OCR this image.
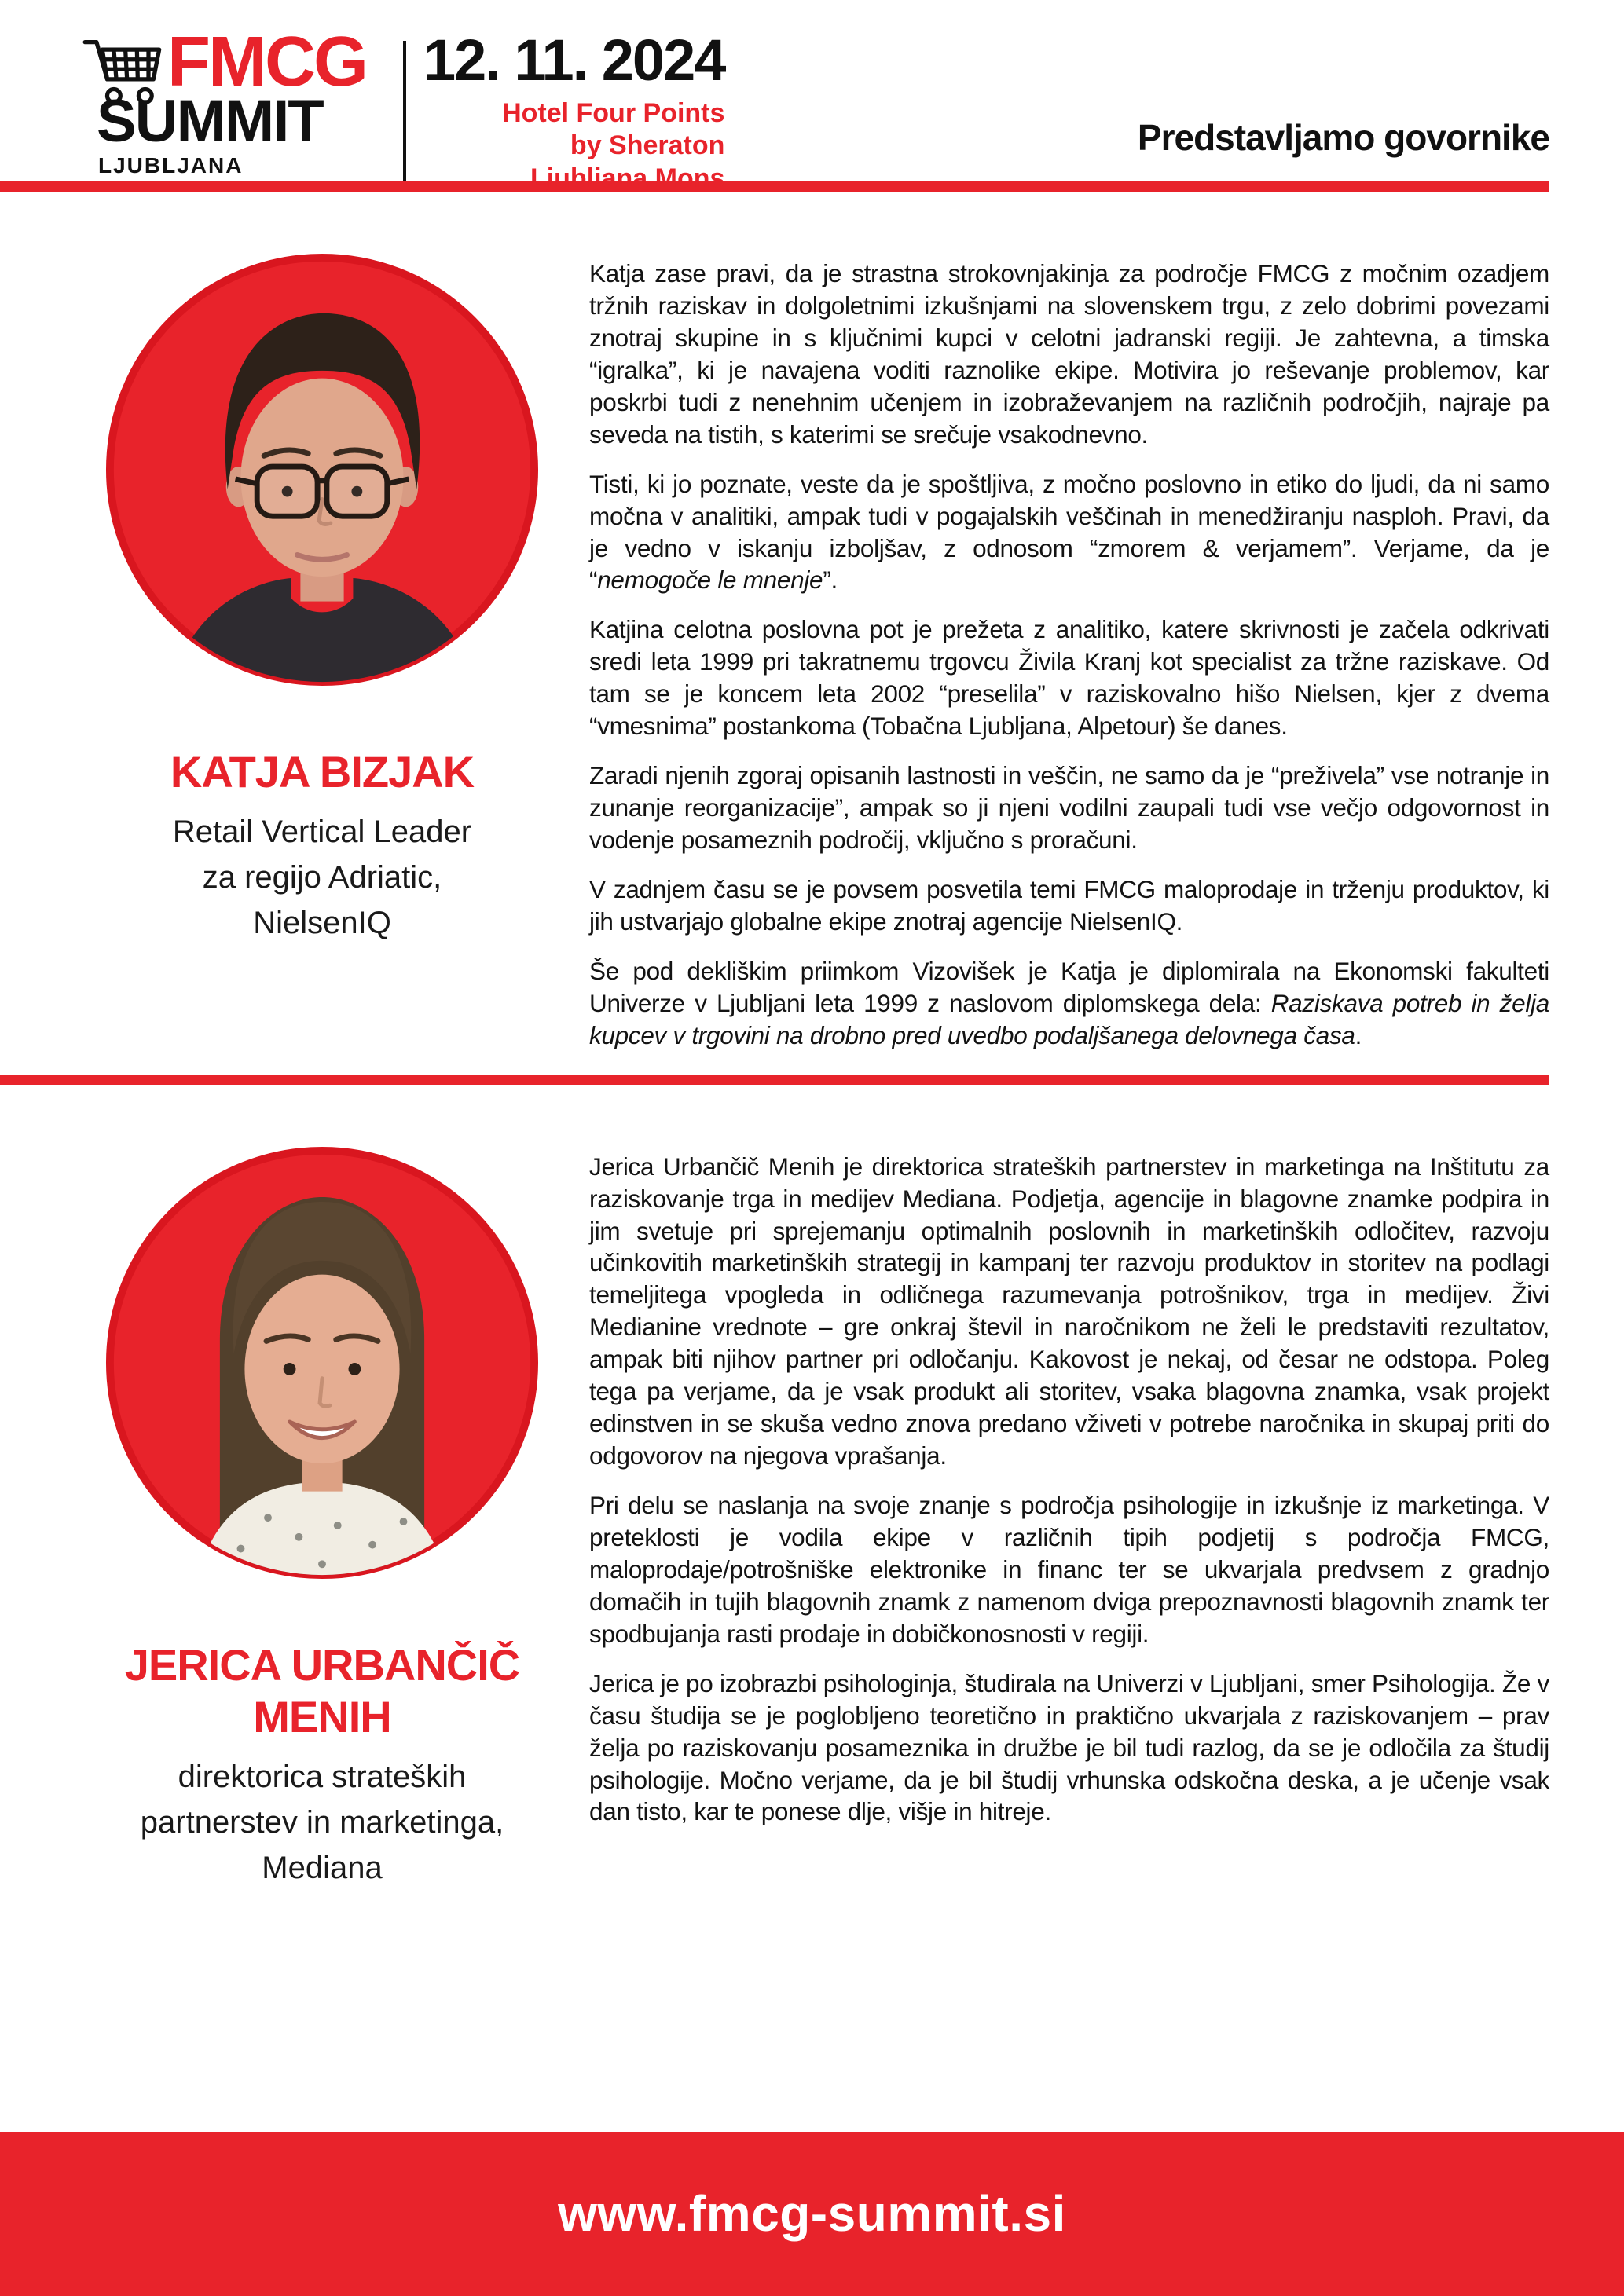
FMCG
SUMMIT
LJUBLJANA
12. 11. 2024
Hotel Four Points
by Sheraton
Ljubljana Mons
Predstavljamo govornike
KATJA BIZJAK
Retail Vertical Leader
za regijo Adriatic,
NielsenIQ

Katja zase pravi, da je strastna strokovnjakinja za področje FMCG z močnim ozadjem tržnih raziskav in dolgoletnimi izkušnjami na slovenskem trgu, z zelo dobrimi povezami znotraj skupine in s ključnimi kupci v celotni jadranski regiji. Je zahtevna, a timska “igralka”, ki je navajena voditi raznolike ekipe. Motivira jo reševanje problemov, kar poskrbi tudi z nenehnim učenjem in izobraževanjem na različnih področjih, najraje pa seveda na tistih, s katerimi se srečuje vsakodnevno.

Tisti, ki jo poznate, veste da je spoštljiva, z močno poslovno in etiko do ljudi, da ni samo močna v analitiki, ampak tudi v pogajalskih veščinah in menedžiranju nasploh. Pravi, da je vedno v iskanju izboljšav, z odnosom “zmorem & verjamem”. Verjame, da je “nemogoče le mnenje”.

Katjina celotna poslovna pot je prežeta z analitiko, katere skrivnosti je začela odkrivati sredi leta 1999 pri takratnemu trgovcu Živila Kranj kot specialist za tržne raziskave. Od tam se je koncem leta 2002 “preselila” v raziskovalno hišo Nielsen, kjer z dvema “vmesnima” postankoma (Tobačna Ljubljana, Alpetour) še danes.

Zaradi njenih zgoraj opisanih lastnosti in veščin, ne samo da je “preživela” vse notranje in zunanje reorganizacije”, ampak so ji njeni vodilni zaupali tudi vse večjo odgovornost in vodenje posameznih področij, vključno s proračuni.

V zadnjem času se je povsem posvetila temi FMCG maloprodaje in trženju produktov, ki jih ustvarjajo globalne ekipe znotraj agencije NielsenIQ.

Še pod dekliškim priimkom Vizovišek je Katja je diplomirala na Ekonomski fakulteti Univerze v Ljubljani leta 1999 z naslovom diplomskega dela: Raziskava potreb in želja kupcev v trgovini na drobno pred uvedbo podaljšanega delovnega časa.

JERICA URBANČIČ
MENIH
direktorica strateških
partnerstev in marketinga,
Mediana

Jerica Urbančič Menih je direktorica strateških partnerstev in marketinga na Inštitutu za raziskovanje trga in medijev Mediana. Podjetja, agencije in blagovne znamke podpira in jim svetuje pri sprejemanju optimalnih poslovnih in marketinških odločitev, razvoju učinkovitih marketinških strategij in kampanj ter razvoju produktov in storitev na podlagi temeljitega vpogleda in odličnega razumevanja potrošnikov, trga in medijev. Živi Medianine vrednote – gre onkraj števil in naročnikom ne želi le predstaviti rezultatov, ampak biti njihov partner pri odločanju. Kakovost je nekaj, od česar ne odstopa. Poleg tega pa verjame, da je vsak produkt ali storitev, vsaka blagovna znamka, vsak projekt edinstven in se skuša vedno znova predano vživeti v potrebe naročnika in skupaj priti do odgovorov na njegova vprašanja.

Pri delu se naslanja na svoje znanje s področja psihologije in izkušnje iz marketinga. V preteklosti je vodila ekipe v različnih tipih podjetij s področja FMCG, maloprodaje/potrošniške elektronike in financ ter se ukvarjala predvsem z gradnjo domačih in tujih blagovnih znamk z namenom dviga prepoznavnosti blagovnih znamk ter spodbujanja rasti prodaje in dobičkonosnosti v regiji.

Jerica je po izobrazbi psihologinja, študirala na Univerzi v Ljubljani, smer Psihologija. Že v času študija se je poglobljeno teoretično in praktično ukvarjala z raziskovanjem – prav želja po raziskovanju posameznika in družbe je bil tudi razlog, da se je odločila za študij psihologije. Močno verjame, da je bil študij vrhunska odskočna deska, a je učenje vsak dan tisto, kar te ponese dlje, višje in hitreje.

www.fmcg-summit.si
